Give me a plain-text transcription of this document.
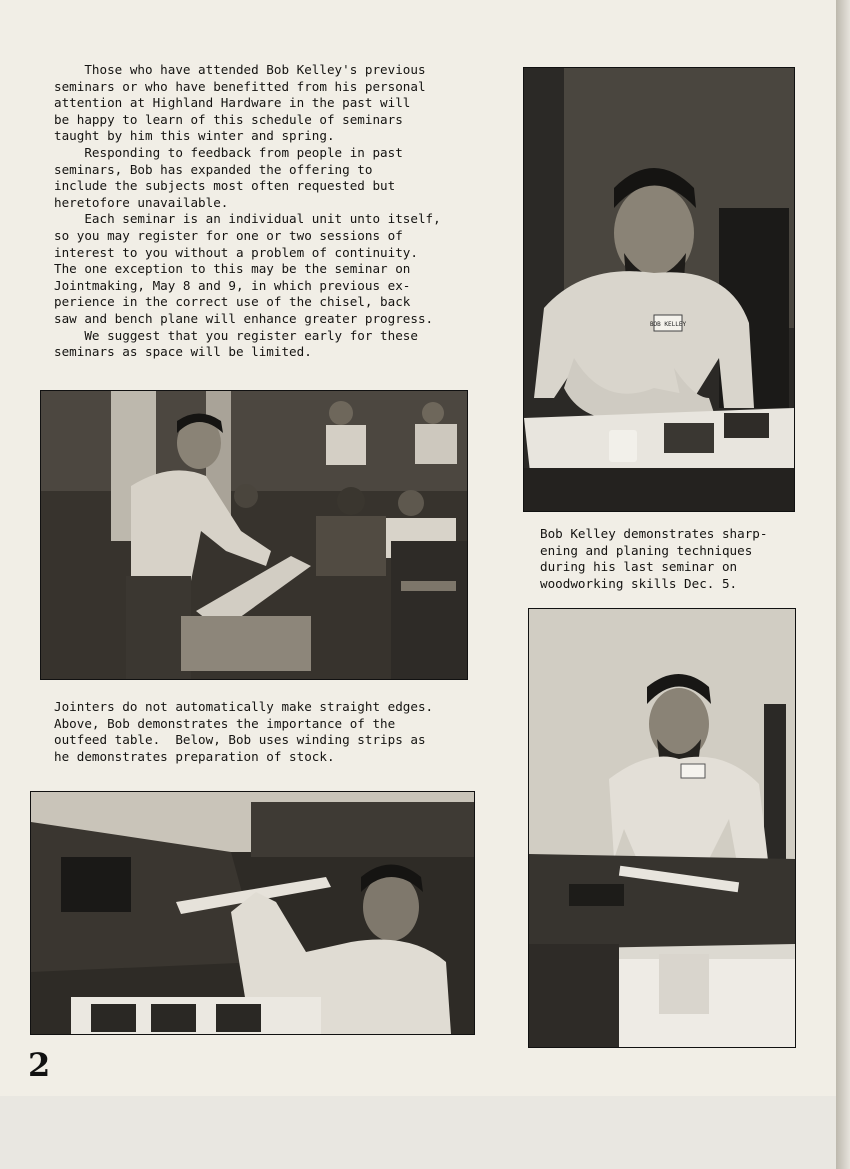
Those who have attended Bob Kelley's previous

seminars or who have benefitted from his personal

attention at Highland Hardware in the past will

be happy to learn of this schedule of seminars

taught by him this winter and spring.

Responding to feedback from people in past

seminars, Bob has expanded the offering to

include the subjects most often requested but

heretofore unavailable.

Each seminar is an individual unit unto itself,

so you may register for one or two sessions of

interest to you without a problem of continuity.

The one exception to this may be the seminar on

Jointmaking, May 8 and 9, in which previous ex-

perience in the correct use of the chisel, back

saw and bench plane will enhance greater progress.

We suggest that you register early for these

seminars as space will be limited.

BOB KELLEY

Bob Kelley demonstrates sharp-

ening and planing techniques

during his last seminar on

woodworking skills Dec. 5.

Jointers do not automatically make straight edges.

Above, Bob demonstrates the importance of the

outfeed table.  Below, Bob uses winding strips as

he demonstrates preparation of stock.

2
